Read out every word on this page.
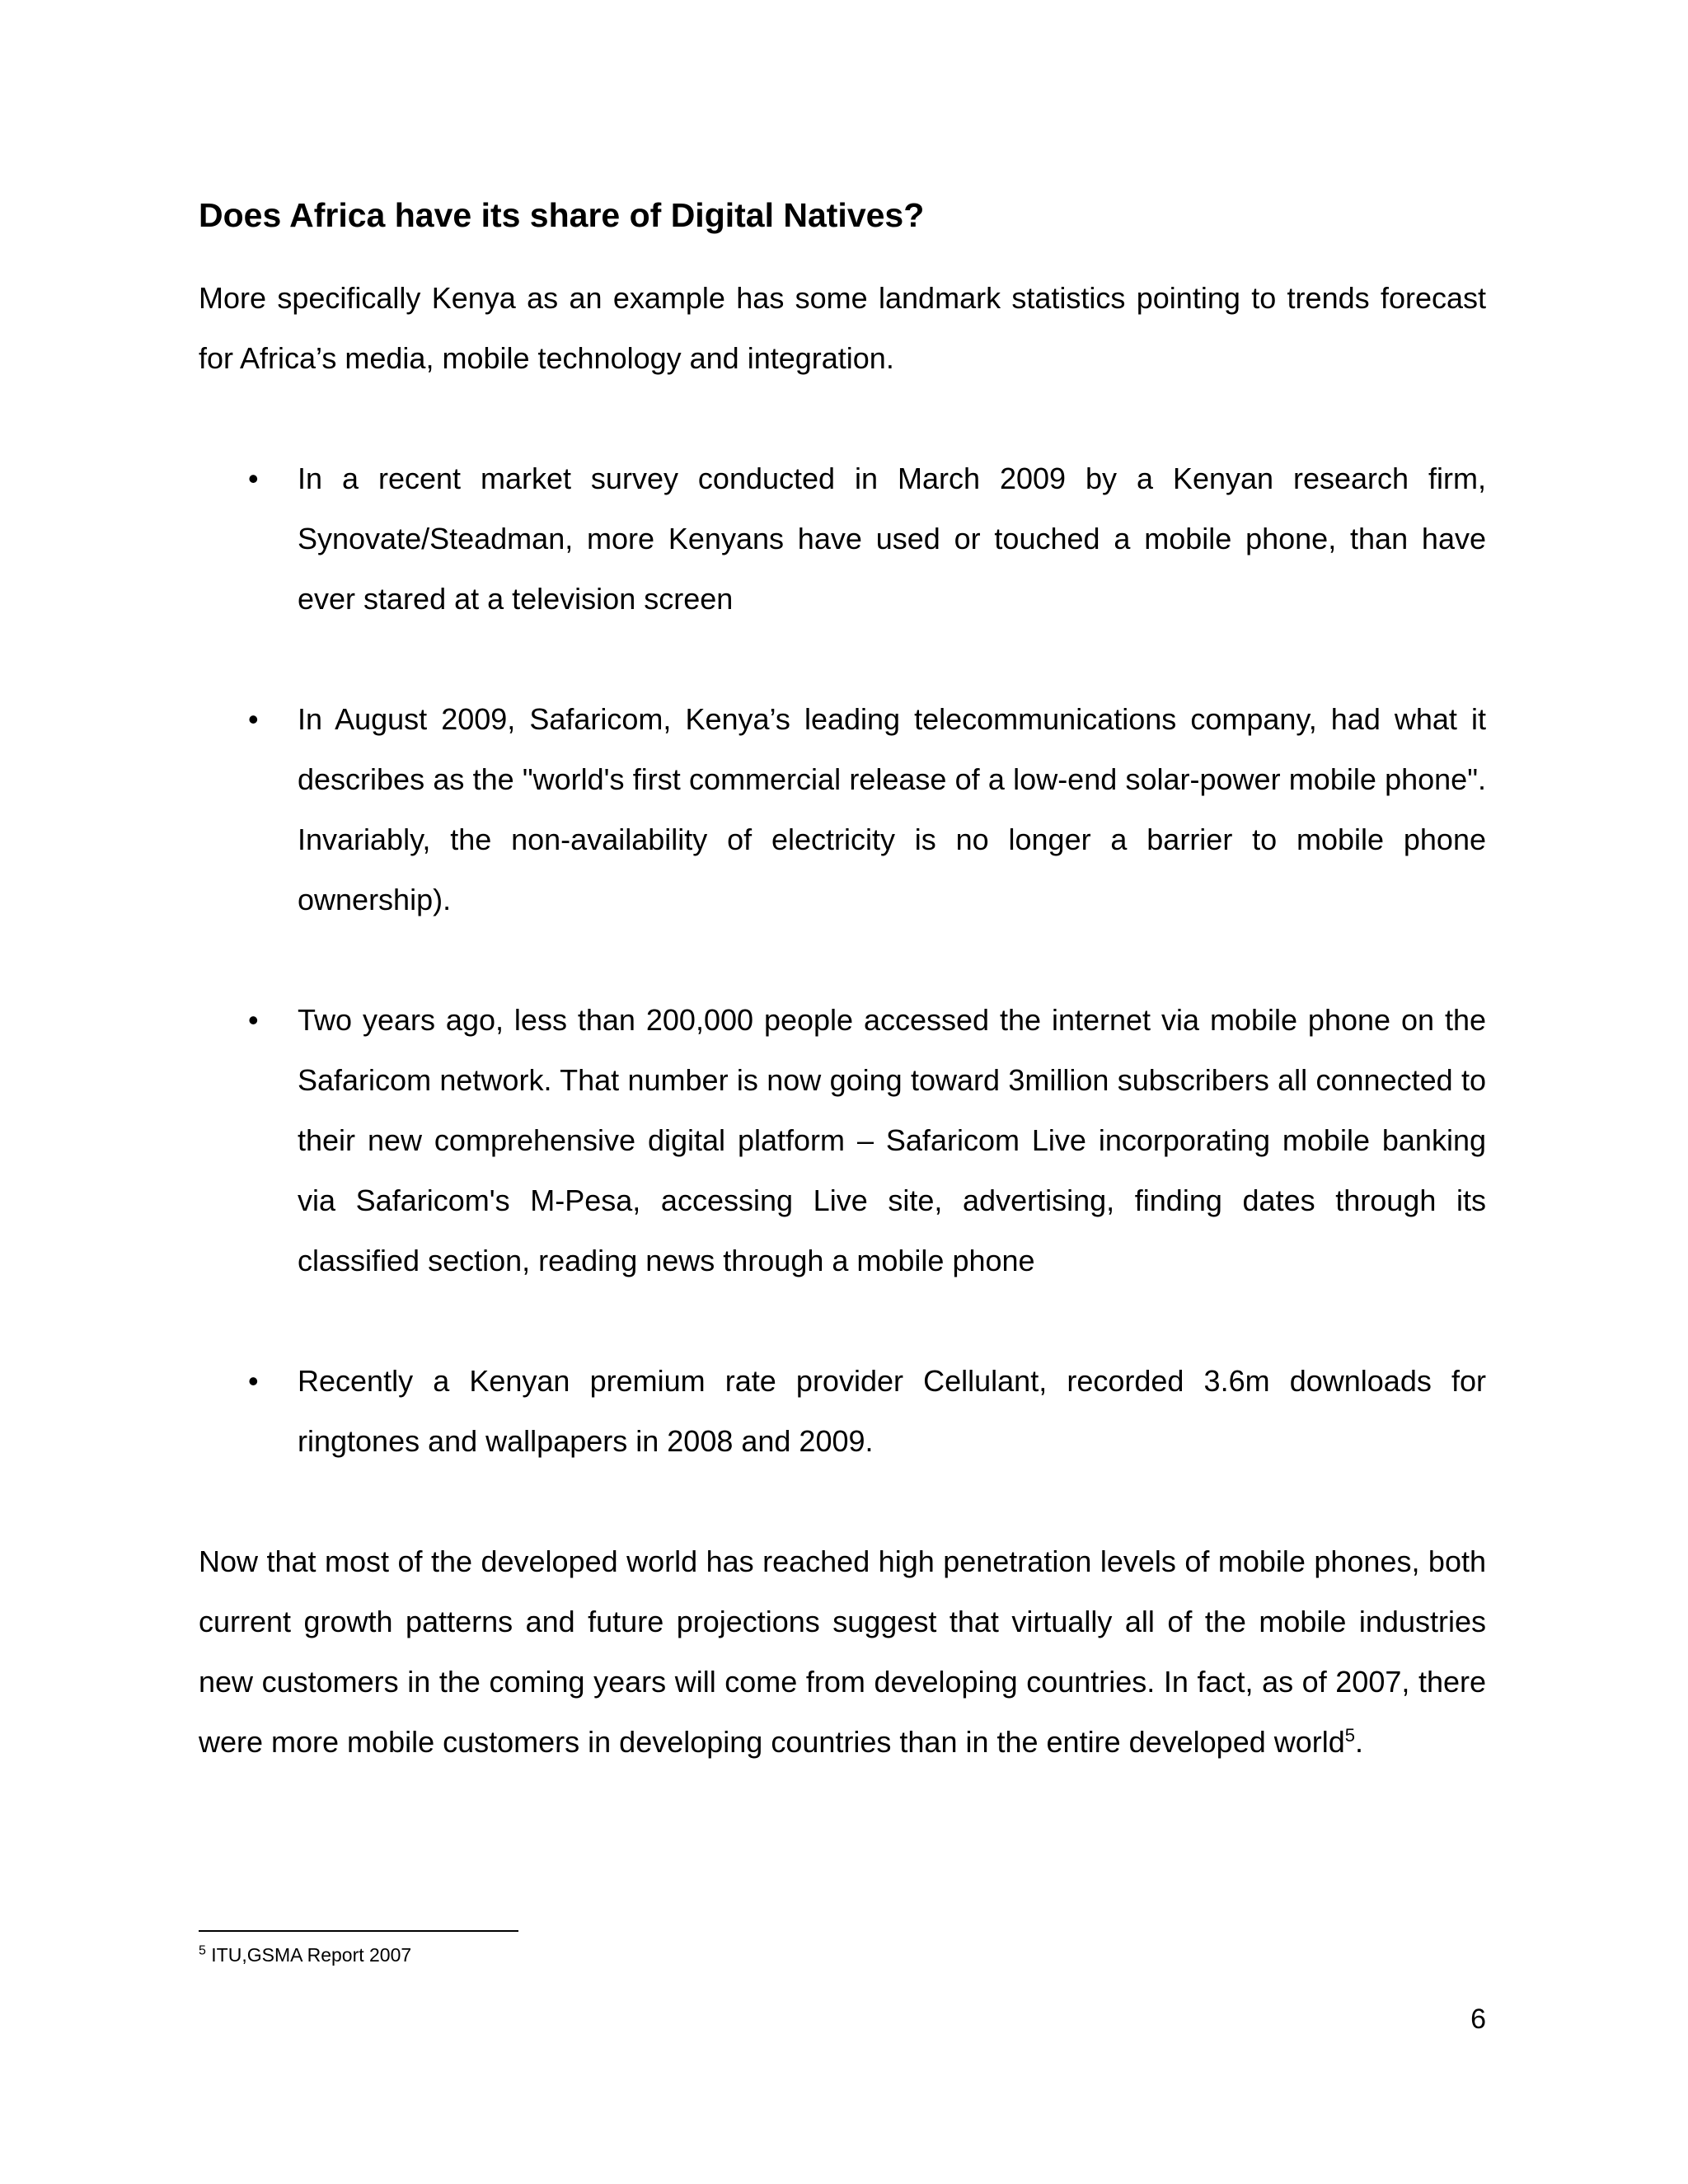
Does Africa have its share of Digital Natives?

More specifically Kenya as an example has some landmark statistics pointing to trends forecast for Africa’s media, mobile technology and integration.

• In a recent market survey conducted in March 2009 by a Kenyan research firm, Synovate/Steadman, more Kenyans have used or touched a mobile phone, than have ever stared at a television screen
• In August 2009, Safaricom, Kenya’s leading telecommunications company, had what it describes as the "world's first commercial release of a low-end solar-power mobile phone". Invariably, the non-availability of electricity is no longer a barrier to mobile phone ownership).
• Two years ago, less than 200,000 people accessed the internet via mobile phone on the Safaricom network. That number is now going toward 3million subscribers all connected to their new comprehensive digital platform – Safaricom Live incorporating mobile banking via Safaricom's M-Pesa, accessing Live site, advertising, finding dates through its classified section, reading news through a mobile phone
• Recently a Kenyan premium rate provider Cellulant, recorded 3.6m downloads for ringtones and wallpapers in 2008 and 2009.

Now that most of the developed world has reached high penetration levels of mobile phones, both current growth patterns and future projections suggest that virtually all of the mobile industries new customers in the coming years will come from developing countries. In fact, as of 2007, there were more mobile customers in developing countries than in the entire developed world$^5$.

$^5$ ITU,GSMA Report 2007
6
